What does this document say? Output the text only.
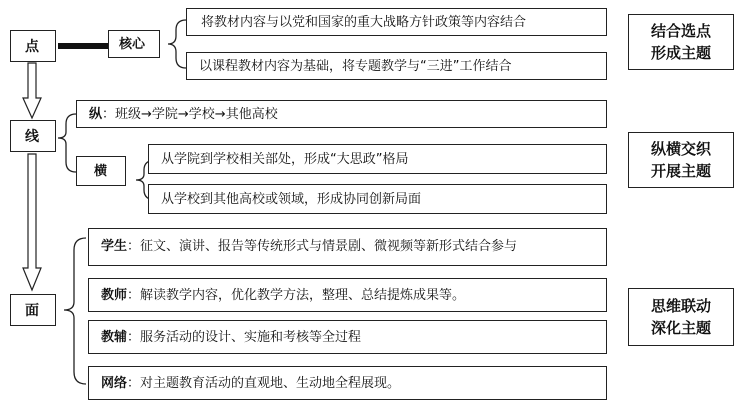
点	核心
将教材内容与以党和国家的重大战略方针政策等内容结合
以课程教材内容为基础，将专题教学与“三进”工作结合
结合选点
形成主题
线
纵：班级→学院→学校→其他高校
横
从学院到学校相关部处，形成“大思政”格局
从学校到其他高校或领域，形成协同创新局面
纵横交织
开展主题
面
学生：征文、演讲、报告等传统形式与情景剧、微视频等新形式结合参与
教师：解读教学内容，优化教学方法，整理、总结提炼成果等。
教辅：服务活动的设计、实施和考核等全过程
网络：对主题教育活动的直观地、生动地全程展现。
思维联动
深化主题
